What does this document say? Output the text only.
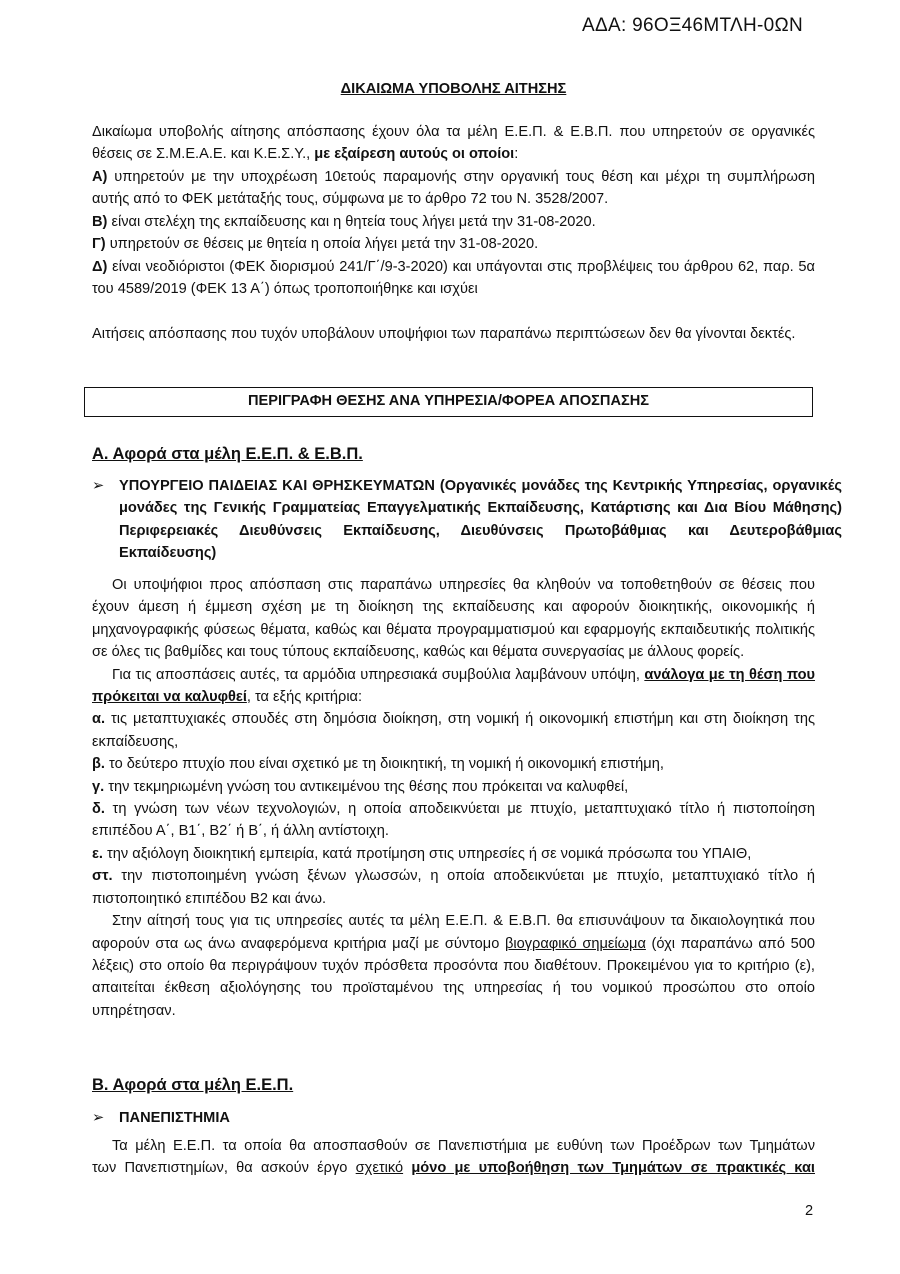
ΑΔΑ: 96ΟΞ46ΜΤΛΗ-0ΩΝ
ΔΙΚΑΙΩΜΑ ΥΠΟΒΟΛΗΣ ΑΙΤΗΣΗΣ

Δικαίωμα υποβολής αίτησης απόσπασης έχουν όλα τα μέλη Ε.Ε.Π. & Ε.Β.Π. που υπηρετούν σε οργανικές θέσεις σε Σ.Μ.Ε.Α.Ε. και Κ.Ε.Σ.Υ., με εξαίρεση αυτούς οι οποίοι:

Α) υπηρετούν με την υποχρέωση 10ετούς παραμονής στην οργανική τους θέση και μέχρι τη συμπλήρωση αυτής από το ΦΕΚ μετάταξής τους, σύμφωνα με το άρθρο 72 του Ν. 3528/2007.

Β) είναι στελέχη της εκπαίδευσης και η θητεία τους λήγει μετά την 31-08-2020.

Γ) υπηρετούν σε θέσεις με θητεία η οποία λήγει μετά την 31-08-2020.

Δ) είναι νεοδιόριστοι (ΦΕΚ διορισμού 241/Γ΄/9-3-2020) και υπάγονται στις προβλέψεις του άρθρου 62, παρ. 5α του 4589/2019 (ΦΕΚ 13 Α΄) όπως τροποποιήθηκε και ισχύει

Αιτήσεις απόσπασης που τυχόν υποβάλουν υποψήφιοι των παραπάνω περιπτώσεων δεν θα γίνονται δεκτές.

ΠΕΡΙΓΡΑΦΗ ΘΕΣΗΣ ΑΝΑ ΥΠΗΡΕΣΙΑ/ΦΟΡΕΑ ΑΠΟΣΠΑΣΗΣ
Α. Αφορά στα μέλη Ε.Ε.Π. & Ε.Β.Π.
➢ ΥΠΟΥΡΓΕΙΟ ΠΑΙΔΕΙΑΣ ΚΑΙ ΘΡΗΣΚΕΥΜΑΤΩΝ (Οργανικές μονάδες της Κεντρικής Υπηρεσίας, οργανικές
μονάδες της Γενικής Γραμματείας Επαγγελματικής Εκπαίδευσης, Κατάρτισης και Δια Βίου Μάθησης)
Περιφερειακές Διευθύνσεις Εκπαίδευσης, Διευθύνσεις Πρωτοβάθμιας και Δευτεροβάθμιας
Εκπαίδευσης)

Οι υποψήφιοι προς απόσπαση στις παραπάνω υπηρεσίες θα κληθούν να τοποθετηθούν σε θέσεις που έχουν άμεση ή έμμεση σχέση με τη διοίκηση της εκπαίδευσης και αφορούν διοικητικής, οικονομικής ή μηχανογραφικής φύσεως θέματα, καθώς και θέματα προγραμματισμού και εφαρμογής εκπαιδευτικής πολιτικής σε όλες τις βαθμίδες και τους τύπους εκπαίδευσης, καθώς και θέματα συνεργασίας με άλλους φορείς.

Για τις αποσπάσεις αυτές, τα αρμόδια υπηρεσιακά συμβούλια λαμβάνουν υπόψη, ανάλογα με τη θέση που πρόκειται να καλυφθεί, τα εξής κριτήρια:

α. τις μεταπτυχιακές σπουδές στη δημόσια διοίκηση, στη νομική ή οικονομική επιστήμη και στη διοίκηση της εκπαίδευσης,

β. το δεύτερο πτυχίο που είναι σχετικό με τη διοικητική, τη νομική ή οικονομική επιστήμη,

γ. την τεκμηριωμένη γνώση του αντικειμένου της θέσης που πρόκειται να καλυφθεί,

δ. τη γνώση των νέων τεχνολογιών, η οποία αποδεικνύεται με πτυχίο, μεταπτυχιακό τίτλο ή πιστοποίηση επιπέδου Α΄, Β1΄, Β2΄ ή Β΄, ή άλλη αντίστοιχη.

ε. την αξιόλογη διοικητική εμπειρία, κατά προτίμηση στις υπηρεσίες ή σε νομικά πρόσωπα του ΥΠΑΙΘ,

στ. την πιστοποιημένη γνώση ξένων γλωσσών, η οποία αποδεικνύεται με πτυχίο, μεταπτυχιακό τίτλο ή πιστοποιητικό επιπέδου Β2 και άνω.

Στην αίτησή τους για τις υπηρεσίες αυτές τα μέλη Ε.Ε.Π. & Ε.Β.Π. θα επισυνάψουν τα δικαιολογητικά που αφορούν στα ως άνω αναφερόμενα κριτήρια μαζί με σύντομο βιογραφικό σημείωμα (όχι παραπάνω από 500 λέξεις) στο οποίο θα περιγράψουν τυχόν πρόσθετα προσόντα που διαθέτουν. Προκειμένου για το κριτήριο (ε), απαιτείται έκθεση αξιολόγησης του προϊσταμένου της υπηρεσίας ή του νομικού προσώπου στο οποίο υπηρέτησαν.

Β. Αφορά στα μέλη Ε.Ε.Π.
➢ ΠΑΝΕΠΙΣΤΗΜΙΑ
Τα μέλη Ε.Ε.Π. τα οποία θα αποσπασθούν σε Πανεπιστήμια με ευθύνη των Προέδρων των Τμημάτων
των Πανεπιστημίων, θα ασκούν έργο σχετικό μόνο με υποβοήθηση των Τμημάτων σε πρακτικές και
2
